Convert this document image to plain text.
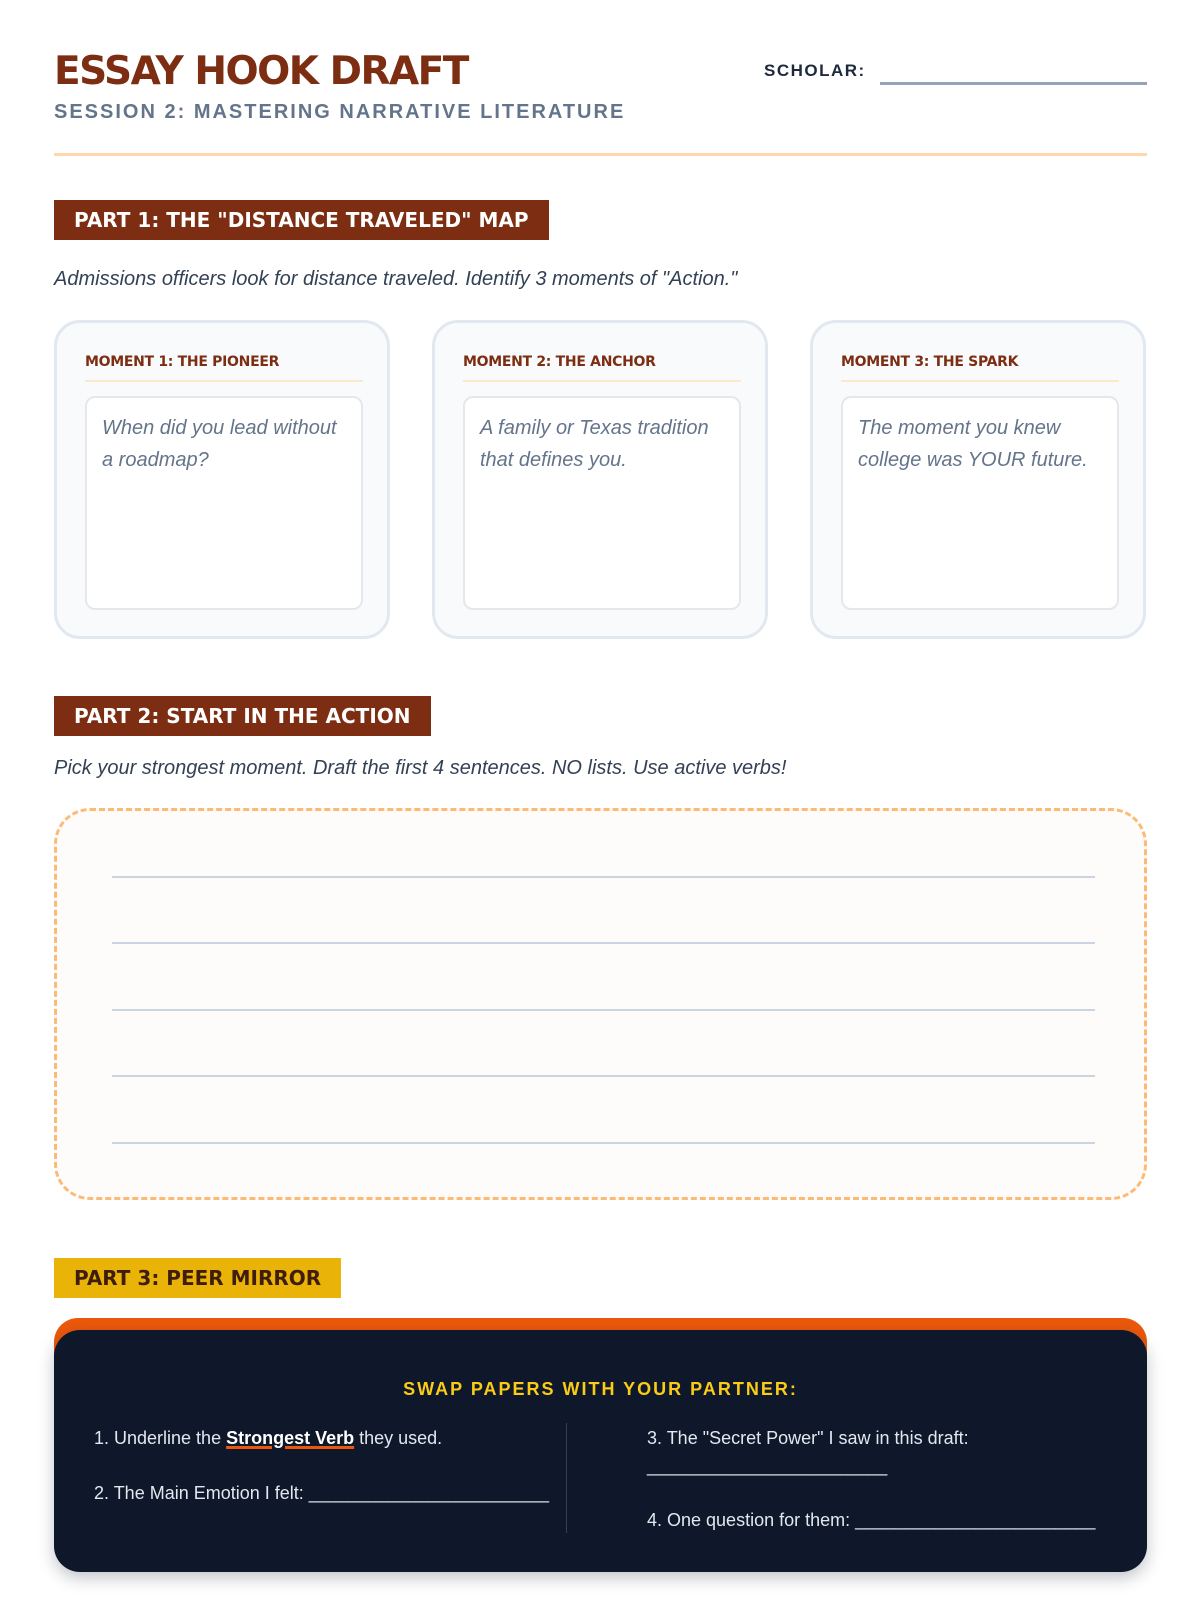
ESSAY HOOK DRAFT
SESSION 2: MASTERING NARRATIVE LITERATURE
SCHOLAR:
PART 1: THE "DISTANCE TRAVELED" MAP
Admissions officers look for distance traveled. Identify 3 moments of "Action."
MOMENT 1: THE PIONEER
When did you lead without a roadmap?
MOMENT 2: THE ANCHOR
A family or Texas tradition that defines you.
MOMENT 3: THE SPARK
The moment you knew college was YOUR future.
PART 2: START IN THE ACTION
Pick your strongest moment. Draft the first 4 sentences. NO lists. Use active verbs!
PART 3: PEER MIRROR
SWAP PAPERS WITH YOUR PARTNER:
1. Underline the Strongest Verb they used.
2. The Main Emotion I felt: ________________________
3. The "Secret Power" I saw in this draft:
________________________
4. One question for them: ________________________
